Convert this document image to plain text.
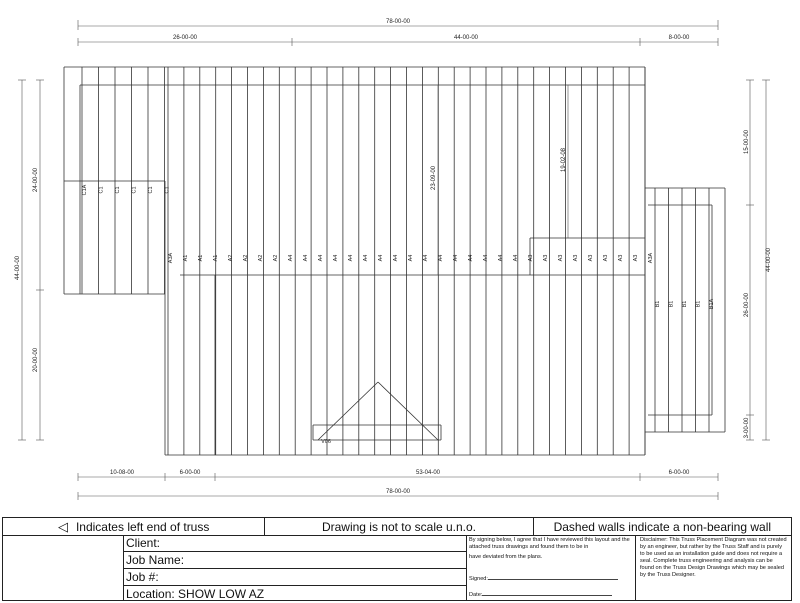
78-00-00
26-00-00	44-00-00	8-00-00
10-08-00	6-00-00	53-04-00	6-00-00
78-00-00
44-00-00
24-00-00
20-00-00
44-00-00
15-00-00
26-00-00
3-00-00
23-09-00
19-02-08
C1A C1 C1 C1 C1 C1
A3A A1 A1 A1 A2 A2 A2 A2 A4 A4 A4 A4 A4 A4 A4 A4 A4 A4 A4 A4 A4 A4 A4 A4 A3 A3 A3 A3 A3 A3 A3 A3 A3A
B1 B1 B1 B1 B1A
V06
◁ Indicates left end of truss	Drawing is not to scale u.n.o.	Dashed walls indicate a non-bearing wall
Client:
Job Name:
Job #:
Location: SHOW LOW AZ
By signing below, I agree that I have reviewed this layout and the attached truss drawings and found them to be in
have deviated from the plans.
Signed:
Date:
Disclaimer: This Truss Placement Diagram was not created by an engineer, but rather by the Truss Staff and is purely to be used as an installation guide and does not require a seal. Complete truss engineering and analysis can be found on the Truss Design Drawings which may be sealed by the Truss Designer.
